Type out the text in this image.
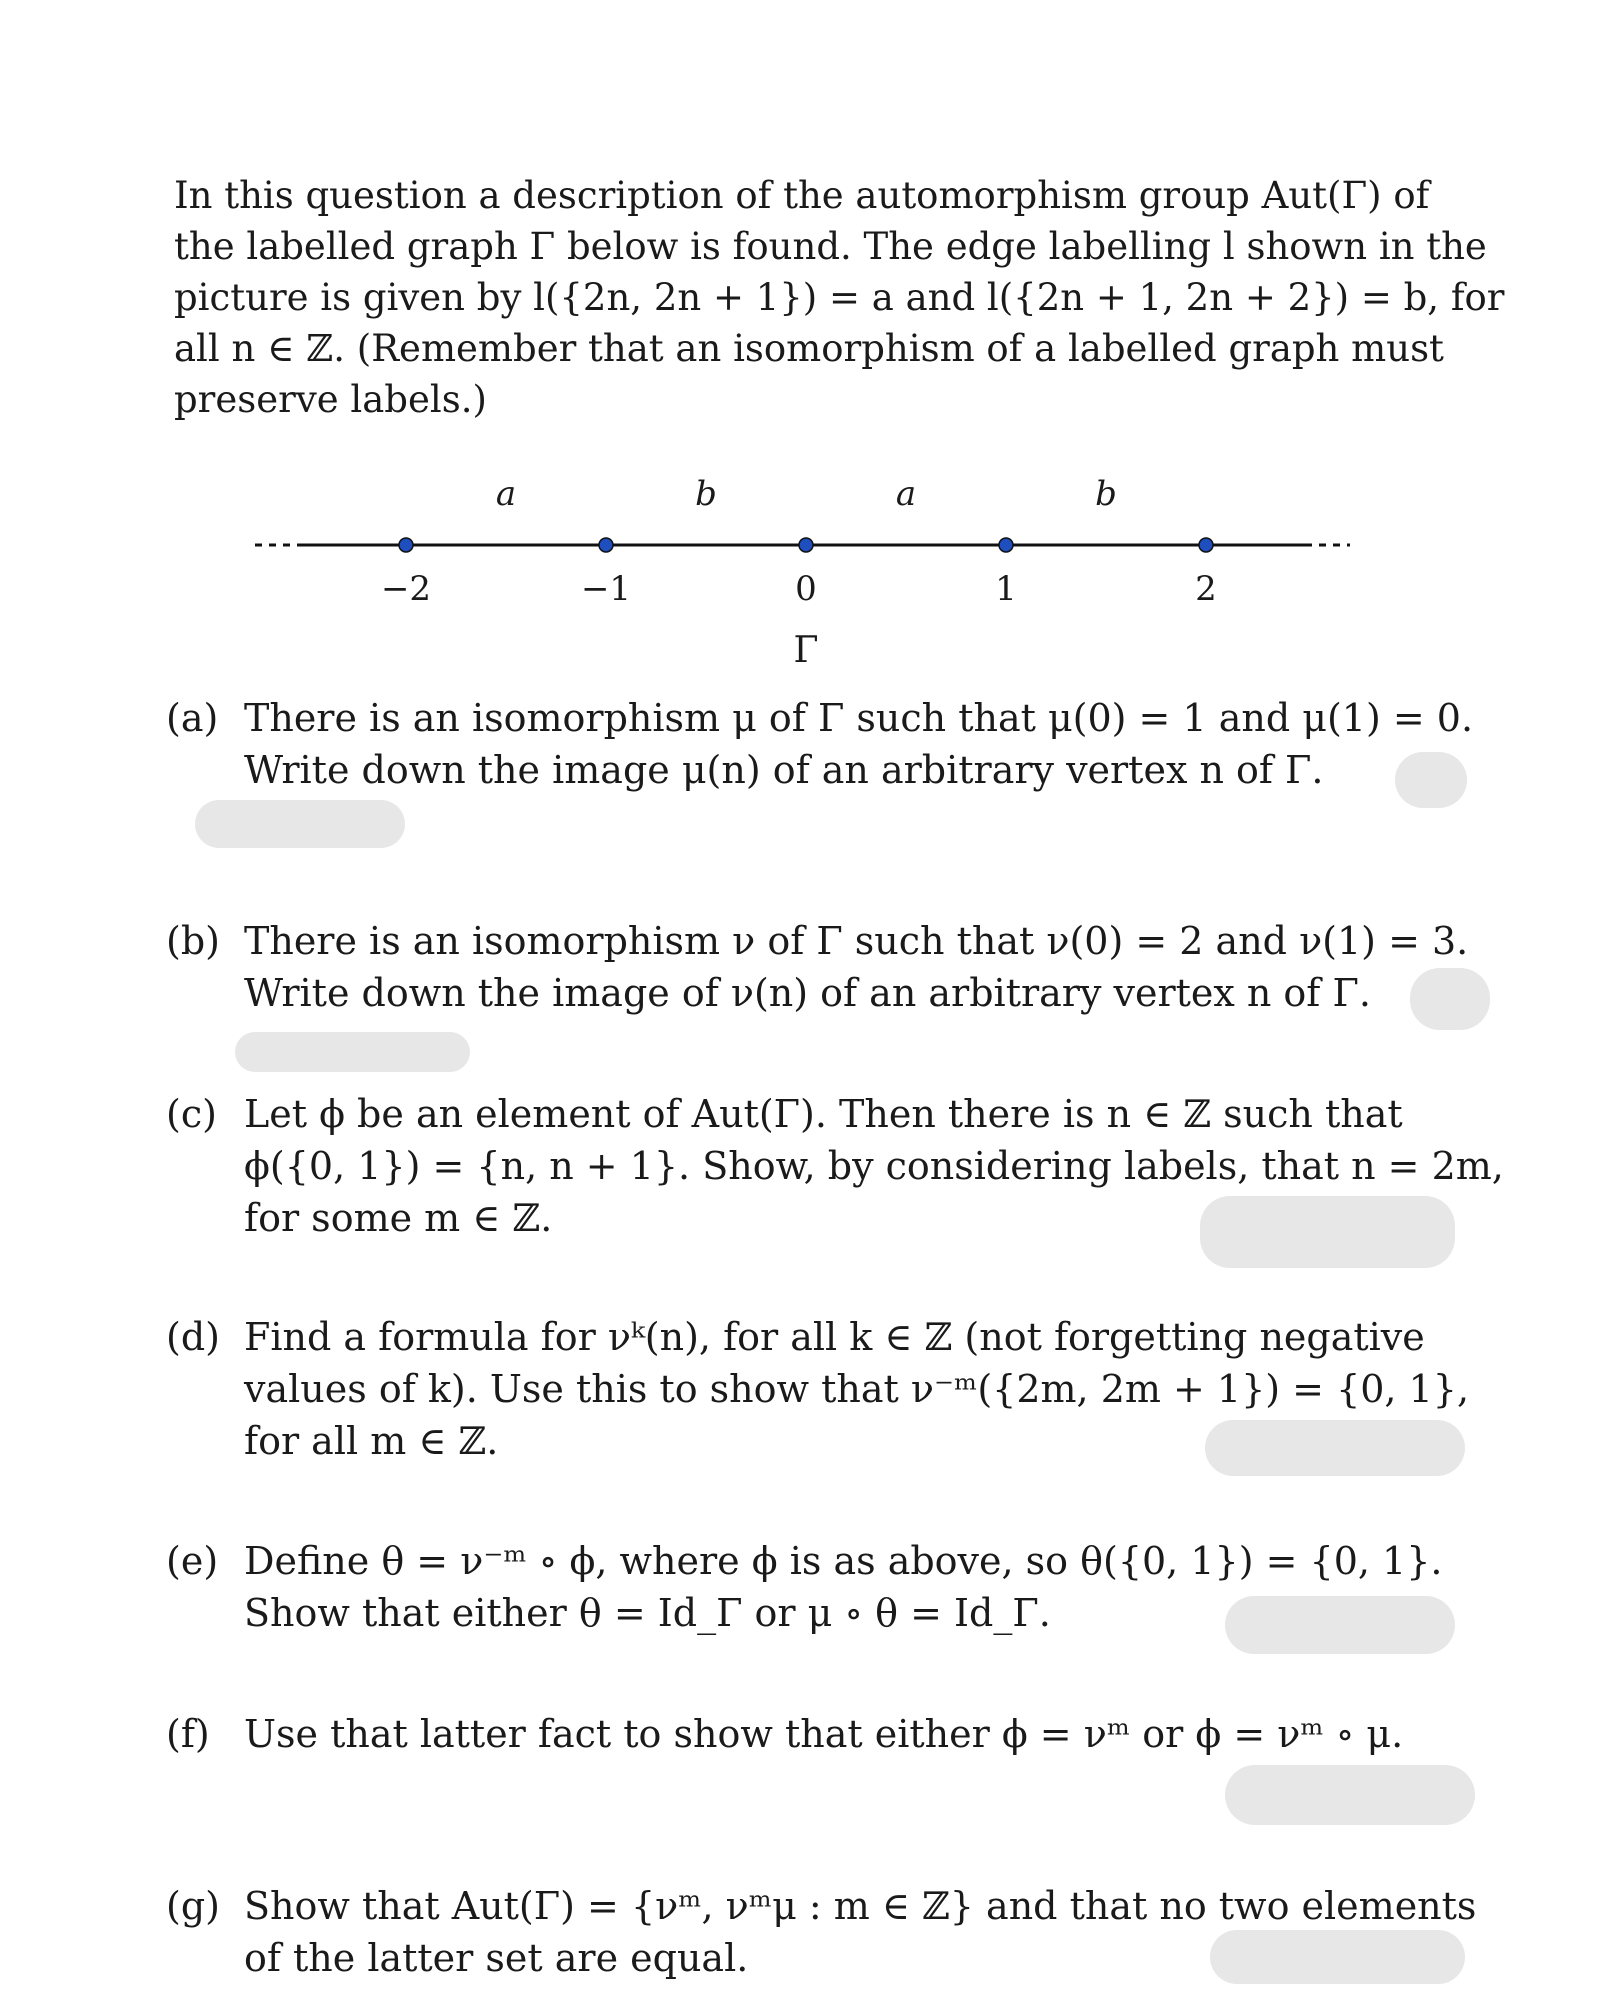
In this question a description of the automorphism group Aut(Γ) of
the labelled graph Γ below is found. The edge labelling l shown in the
picture is given by l({2n, 2n + 1}) = a and l({2n + 1, 2n + 2}) = b, for
all n ∈ ℤ. (Remember that an isomorphism of a labelled graph must
preserve labels.)
−2	−1	0	1	2
a	b	a	b
Γ
(a) There is an isomorphism μ of Γ such that μ(0) = 1 and μ(1) = 0.
Write down the image μ(n) of an arbitrary vertex n of Γ.
(b) There is an isomorphism ν of Γ such that ν(0) = 2 and ν(1) = 3.
Write down the image of ν(n) of an arbitrary vertex n of Γ.
(c) Let ϕ be an element of Aut(Γ). Then there is n ∈ ℤ such that
ϕ({0, 1}) = {n, n + 1}. Show, by considering labels, that n = 2m,
for some m ∈ ℤ.
(d) Find a formula for νᵏ(n), for all k ∈ ℤ (not forgetting negative
values of k). Use this to show that ν⁻ᵐ({2m, 2m + 1}) = {0, 1},
for all m ∈ ℤ.
(e) Define θ = ν⁻ᵐ ∘ ϕ, where ϕ is as above, so θ({0, 1}) = {0, 1}.
Show that either θ = Id_Γ or μ ∘ θ = Id_Γ.
(f) Use that latter fact to show that either ϕ = νᵐ or ϕ = νᵐ ∘ μ.
(g) Show that Aut(Γ) = {νᵐ, νᵐμ : m ∈ ℤ} and that no two elements
of the latter set are equal.
